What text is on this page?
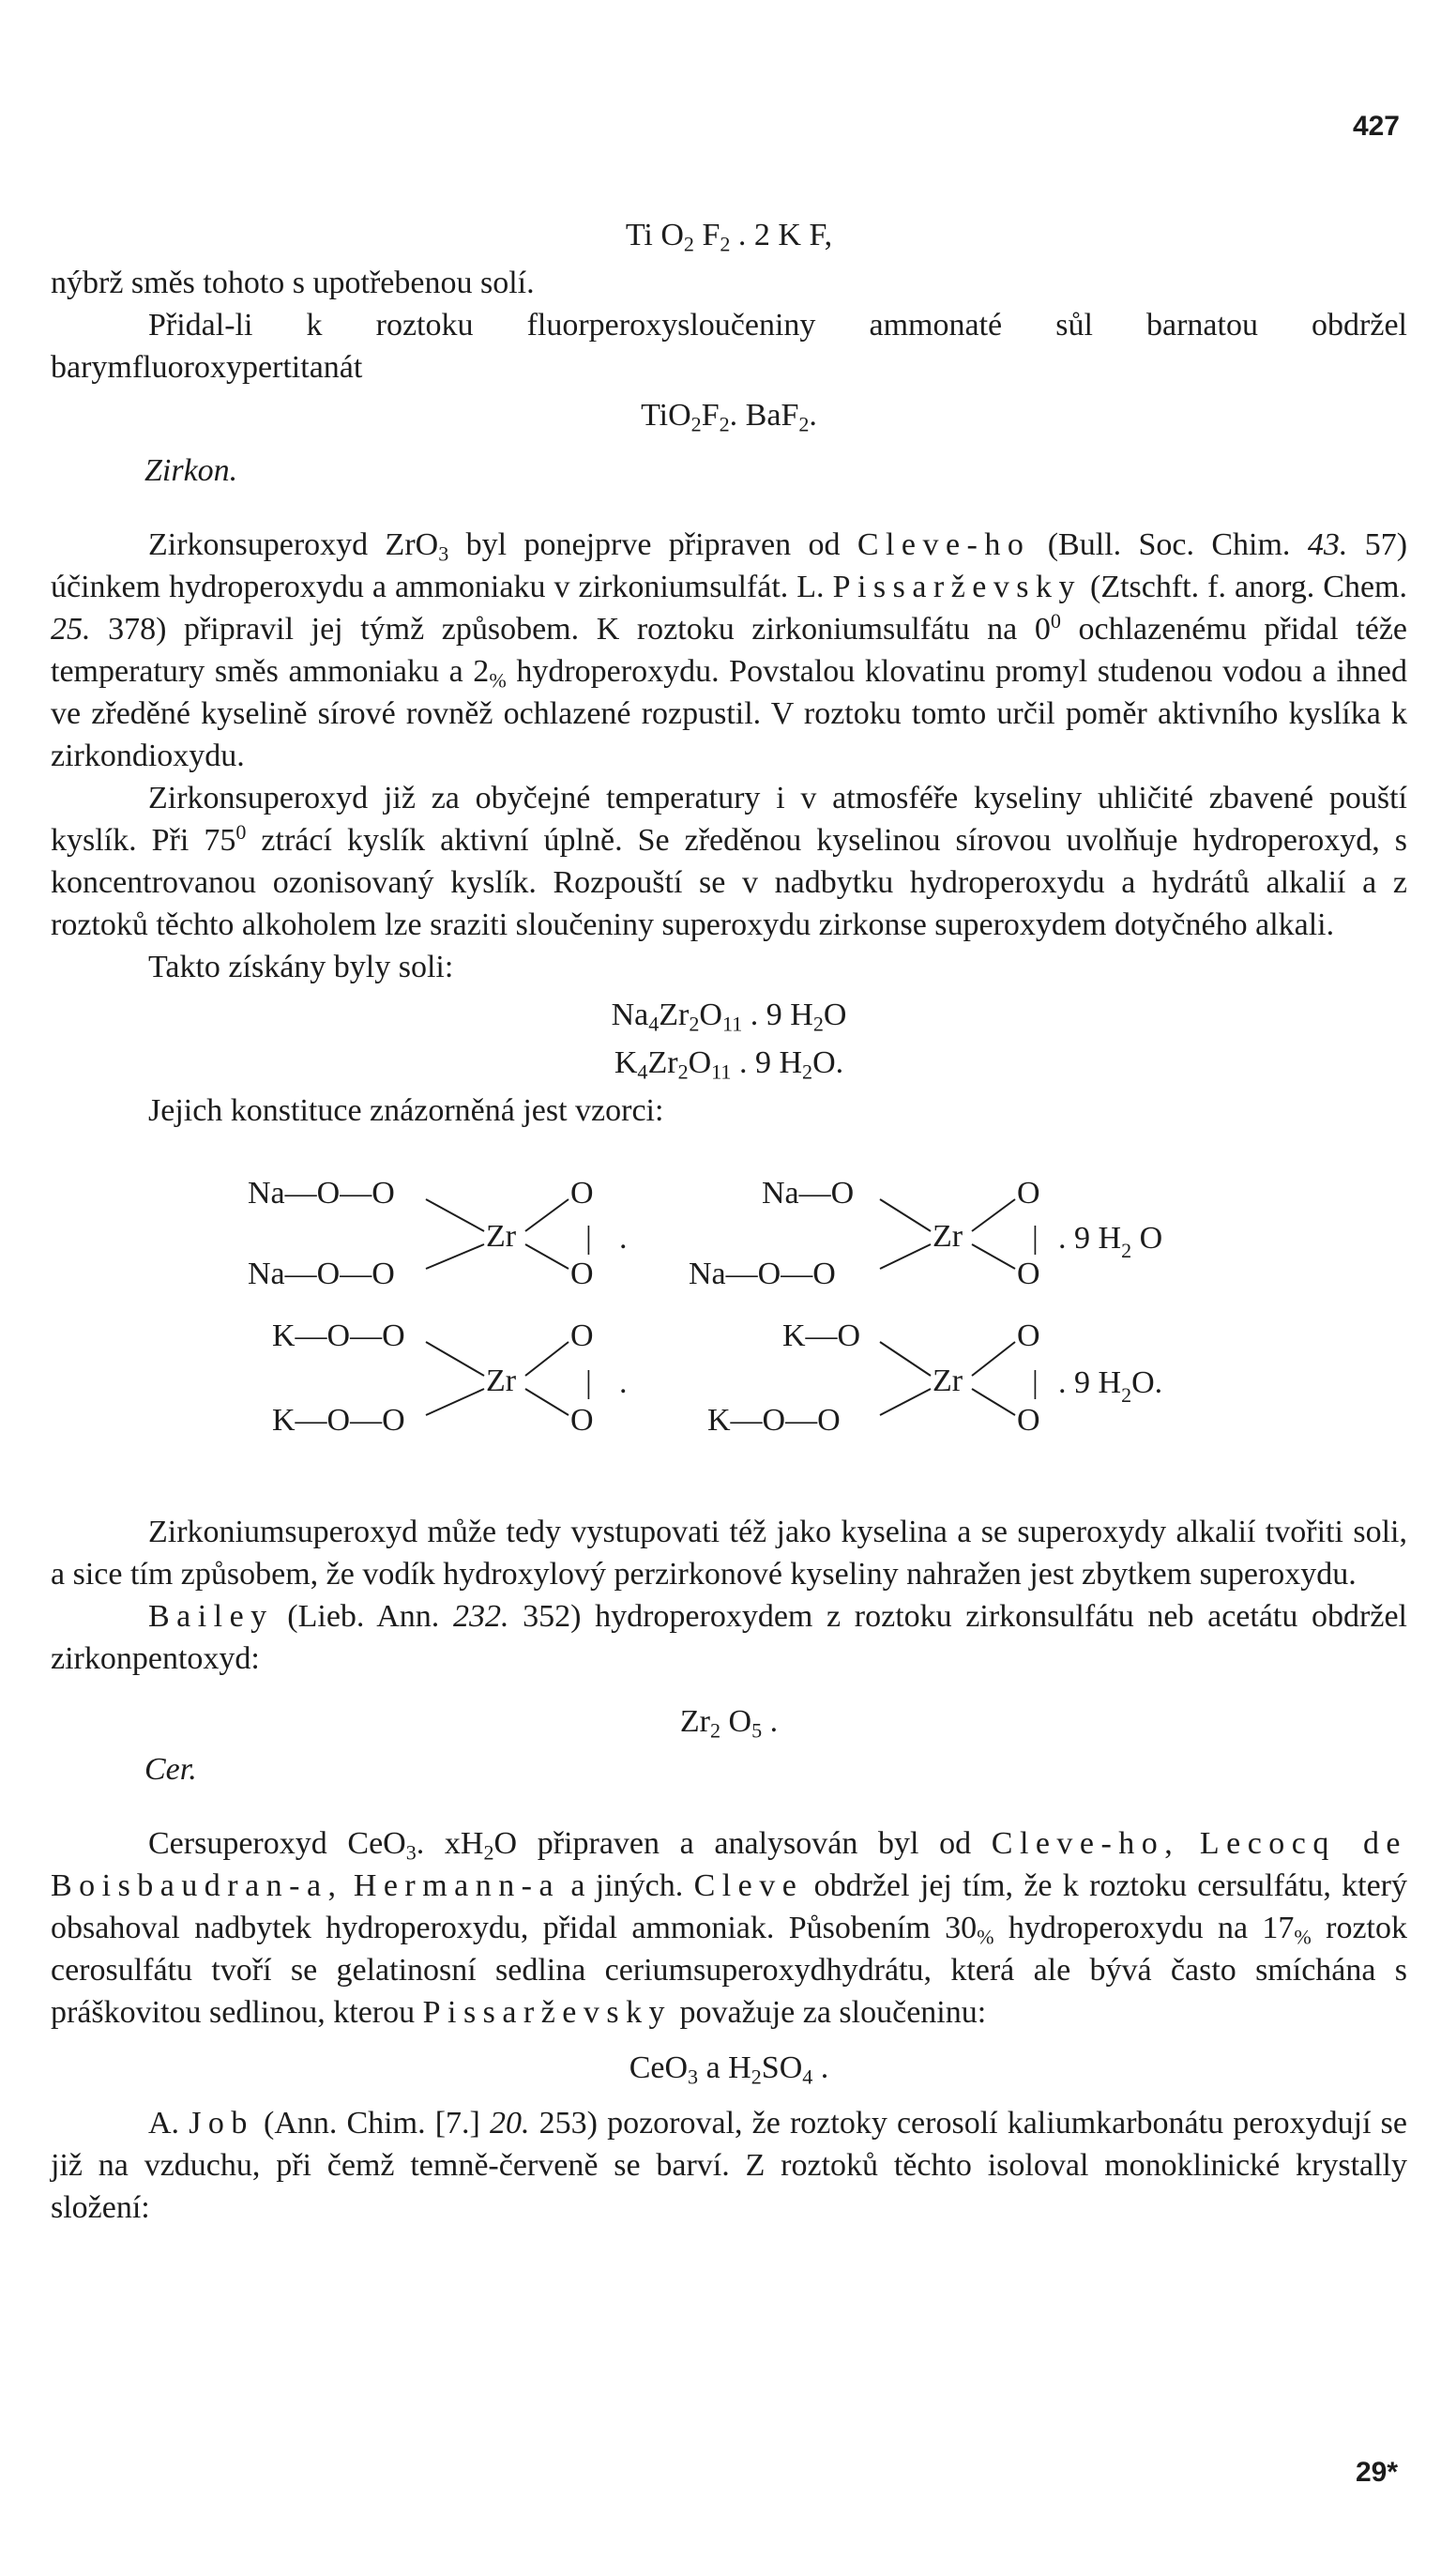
427
Ti $O_2$ $F_2$ . 2 K F,

nýbrž směs tohoto s upotřebenou solí.

Přidal-li k roztoku fluorperoxysloučeniny ammonaté sůl barnatou obdržel barymfluoroxypertitanát

$TiO_2F_2$. BaF$_2$.
Zirkon.

Zirkonsuperoxyd ZrO$_3$ byl ponejprve připraven od Cleve-ho (Bull. Soc. Chim. 43. 57) účinkem hydroperoxydu a ammoniaku v zirkoniumsulfát. L. Pissarževsky (Ztschft. f. anorg. Chem. 25. 378) připravil jej týmž způsobem. K roztoku zirkoniumsulfátu na $0^0$ ochlazenému přidal téže temperatury směs ammoniaku a $2_{\%}$ hydroperoxydu. Povstalou klovatinu promyl studenou vodou a ihned ve zředěné kyselině sírové rovněž ochlazené rozpustil. V roztoku tomto určil poměr aktivního kyslíka k zirkondioxydu.

Zirkonsuperoxyd již za obyčejné temperatury i v atmosféře kyseliny uhličité zbavené pouští kyslík. Při $75^0$ ztrácí kyslík aktivní úplně. Se zředěnou kyselinou sírovou uvolňuje hydroperoxyd, s koncentrovanou ozonisovaný kyslík. Rozpouští se v nadbytku hydroperoxydu a hydrátů alkalií a z roztoků těchto alkoholem lze sraziti sloučeniny superoxydu zirkonse superoxydem dotyčného alkali.

Takto získány byly soli:

$Na_4Zr_2O_{11}$ . 9 $H_2O$
$K_4Zr_2O_{11}$ . 9 $H_2O$.

Jejich konstituce znázorněná jest vzorci:

Na—O—O
Na—O—O
Zr
O
O
| .
Na—O
Na—O—O
Zr
O
O
| . 9 $H_2$ O
K—O—O
K—O—O
Zr
O
O
| .
K—O
K—O—O
Zr
O
O
| . 9 $H_2O$.

Zirkoniumsuperoxyd může tedy vystupovati též jako kyselina a se superoxydy alkalií tvořiti soli, a sice tím způsobem, že vodík hydroxylový perzirkonové kyseliny nahražen jest zbytkem superoxydu.

Bailey (Lieb. Ann. 232. 352) hydroperoxydem z roztoku zirkonsulfátu neb acetátu obdržel zirkonpentoxyd:

$Zr_2$ $O_5$ .
Cer.

Cersuperoxyd CeO$_3$. $xH_2O$ připraven a analysován byl od Cleve-ho, Lecocq de Boisbaudran-a, Hermann-a a jiných. Cleve obdržel jej tím, že k roztoku cersulfátu, který obsahoval nadbytek hydroperoxydu, přidal ammoniak. Působením $30_{\%}$ hydroperoxydu na $17_{\%}$ roztok cerosulfátu tvoří se gelatinosní sedlina ceriumsuperoxydhydrátu, která ale bývá často smíchána s práškovitou sedlinou, kterou Pissarževsky považuje za sloučeninu:

CeO$_3$ a $H_2SO_4$ .

A. Job (Ann. Chim. [7.] 20. 253) pozoroval, že roztoky cerosolí kaliumkarbonátu peroxydují se již na vzduchu, při čemž temně-červeně se barví. Z roztoků těchto isoloval monoklinické krystally složení:

29*
